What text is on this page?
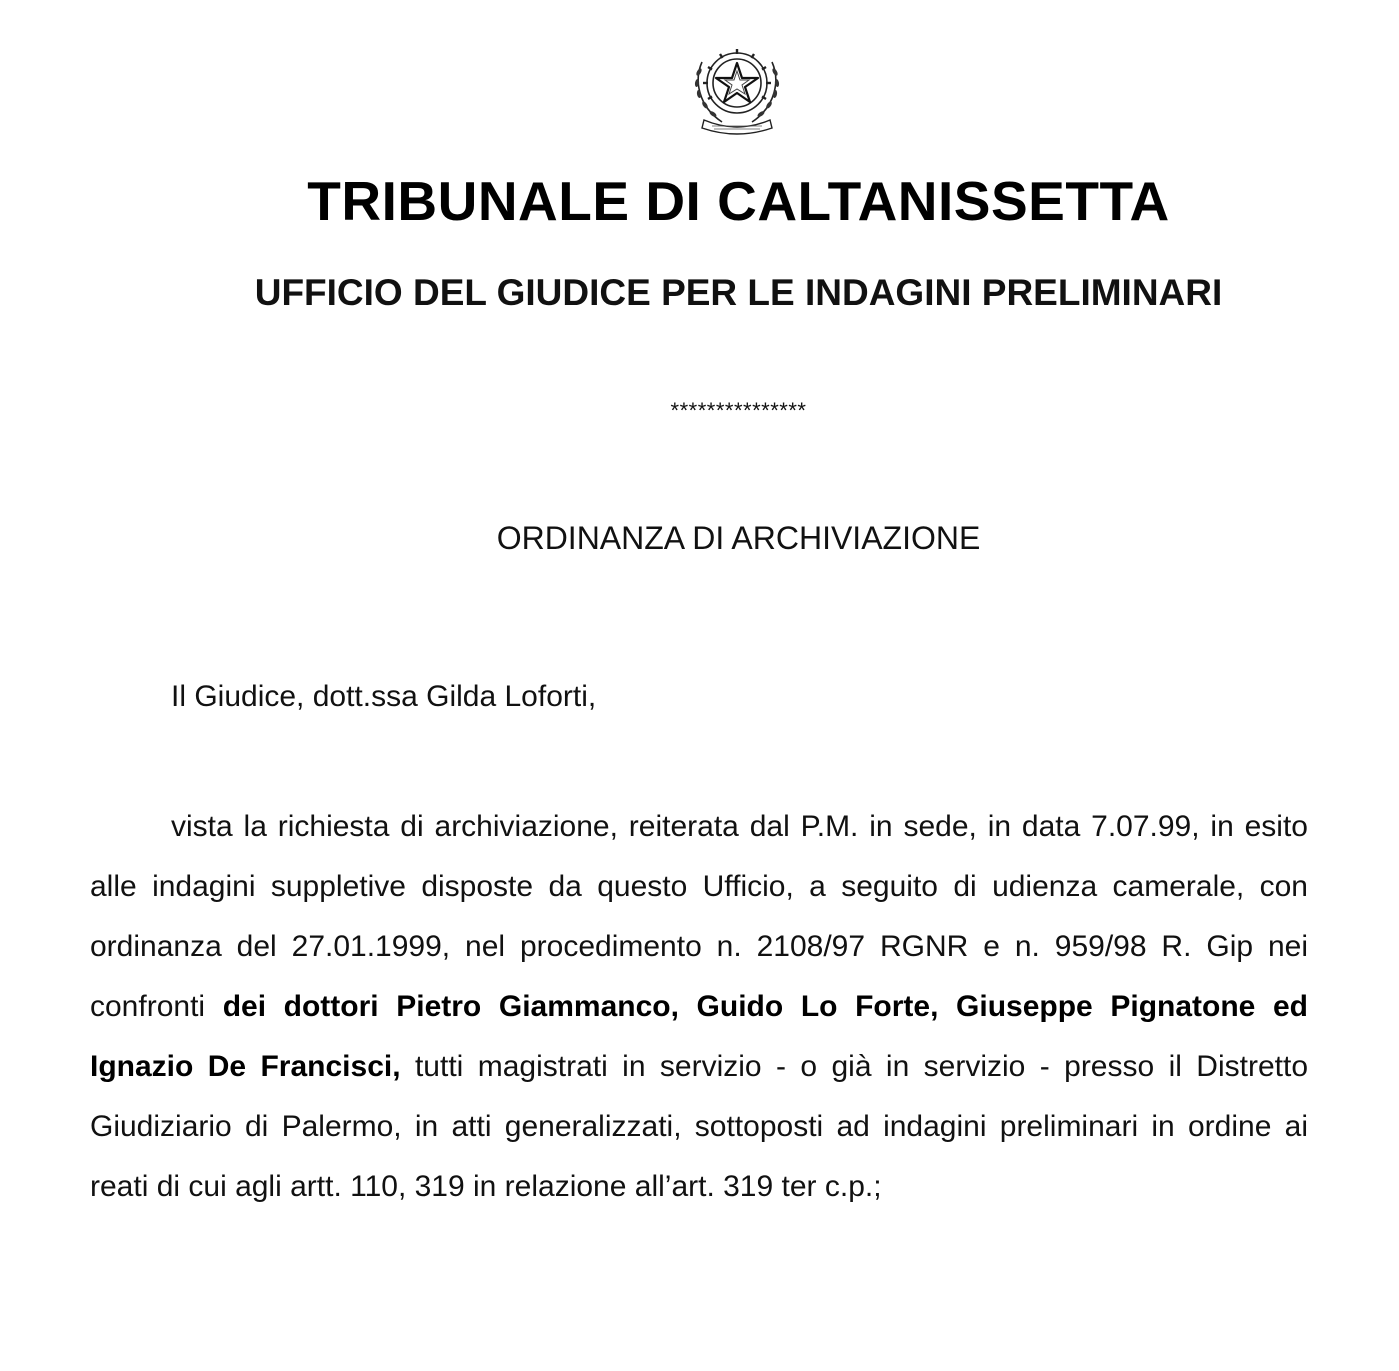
TRIBUNALE DI CALTANISSETTA
UFFICIO DEL GIUDICE PER LE INDAGINI PRELIMINARI
***************
ORDINANZA DI ARCHIVIAZIONE
Il Giudice, dott.ssa Gilda Loforti,

vista la richiesta di archiviazione, reiterata dal P.M. in sede, in data 7.07.99, in esito alle indagini suppletive disposte da questo Ufficio, a seguito di udienza camerale, con ordinanza del 27.01.1999, nel procedimento n. 2108/97 RGNR e n. 959/98 R. Gip nei confronti dei dottori Pietro Giammanco, Guido Lo Forte, Giuseppe Pignatone ed Ignazio De Francisci, tutti magistrati in servizio - o già in servizio - presso il Distretto Giudiziario di Palermo, in atti generalizzati, sottoposti ad indagini preliminari in ordine ai reati di cui agli artt. 110, 319 in relazione all’art. 319 ter c.p.;
